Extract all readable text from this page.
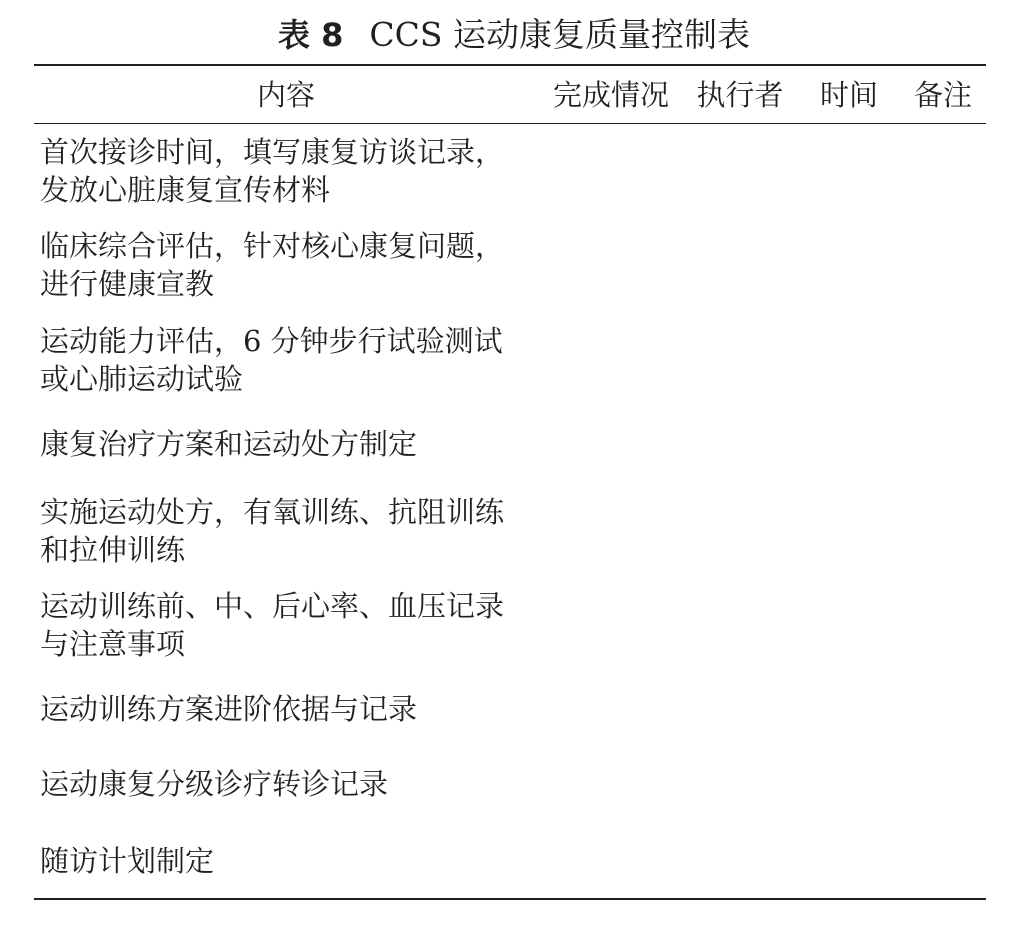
表 8 CCS 运动康复质量控制表
内容	完成情况 执行者 时间 备注
首次接诊时间，填写康复访谈记录，
发放心脏康复宣传材料
临床综合评估，针对核心康复问题，
进行健康宣教
运动能力评估，6 分钟步行试验测试
或心肺运动试验
康复治疗方案和运动处方制定
实施运动处方，有氧训练、抗阻训练
和拉伸训练
运动训练前、中、后心率、血压记录
与注意事项
运动训练方案进阶依据与记录
运动康复分级诊疗转诊记录
随访计划制定
